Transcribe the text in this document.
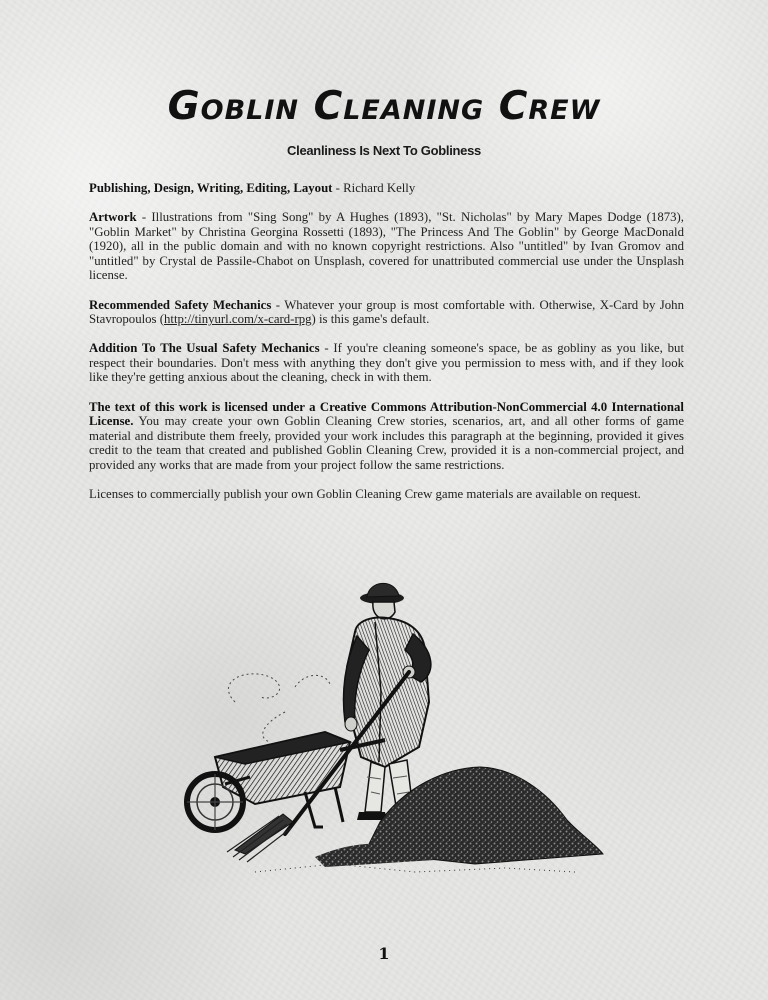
Goblin Cleaning Crew
Cleanliness Is Next To Gobliness

Publishing, Design, Writing, Editing, Layout - Richard Kelly

Artwork - Illustrations from "Sing Song" by A Hughes (1893), "St. Nicholas" by Mary Mapes Dodge (1873), "Goblin Market" by Christina Georgina Rossetti (1893), "The Princess And The Goblin" by George MacDonald (1920), all in the public domain and with no known copyright restrictions. Also "untitled" by Ivan Gromov and "untitled" by Crystal de Passile-Chabot on Unsplash, covered for unattributed commercial use under the Unsplash license.

Recommended Safety Mechanics - Whatever your group is most comfortable with. Otherwise, X-Card by John Stavropoulos (http://tinyurl.com/x-card-rpg) is this game's default.

Addition To The Usual Safety Mechanics - If you're cleaning someone's space, be as gobliny as you like, but respect their boundaries. Don't mess with anything they don't give you permission to mess with, and if they look like they're getting anxious about the cleaning, check in with them.

The text of this work is licensed under a Creative Commons Attribution-NonCommercial 4.0 International License. You may create your own Goblin Cleaning Crew stories, scenarios, art, and all other forms of game material and distribute them freely, provided your work includes this paragraph at the beginning, provided it gives credit to the team that created and published Goblin Cleaning Crew, provided it is a non-commercial project, and provided any works that are made from your project follow the same restrictions.

Licenses to commercially publish your own Goblin Cleaning Crew game materials are available on request.

1
